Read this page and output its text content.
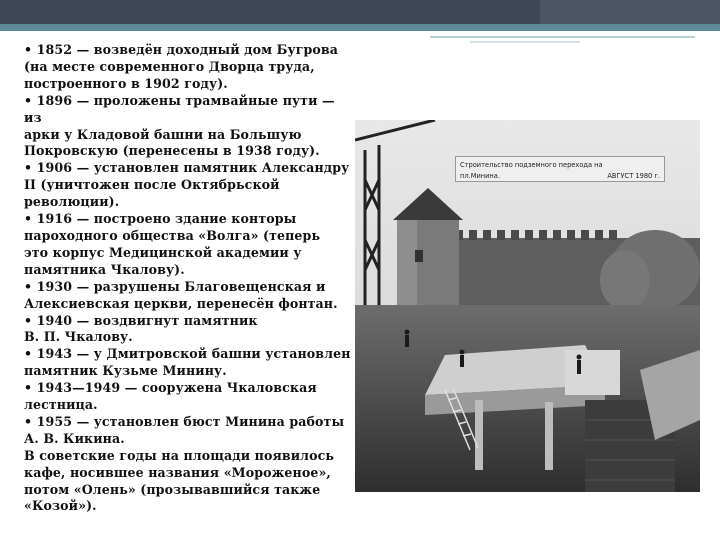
• 1852 — возведён доходный дом Бугрова
(на месте современного Дворца труда,
построенного в 1902 году).
• 1896 — проложены трамвайные пути — из
арки у Кладовой башни на Большую
Покровскую (перенесены в 1938 году).
• 1906 — установлен памятник Александру
II (уничтожен после Октябрьской
революции).
• 1916 — построено здание конторы
пароходного общества «Волга» (теперь
это корпус Медицинской академии у
памятника Чкалову).
• 1930 — разрушены Благовещенская и
Алексиевская церкви, перенесён фонтан.
• 1940 — воздвигнут памятник
В. П. Чкалову.
• 1943 — у Дмитровской башни установлен
памятник Кузьме Минину.
• 1943—1949 — сооружена Чкаловская
лестница.
• 1955 — установлен бюст Минина работы
А. В. Кикина.
В советские годы на площади появилось
кафе, носившее названия «Мороженое»,
потом «Олень» (прозывавшийся также
«Козой»).
Строительство подземного перехода на
пл.Минина.	АВГУСТ 1980 г.
